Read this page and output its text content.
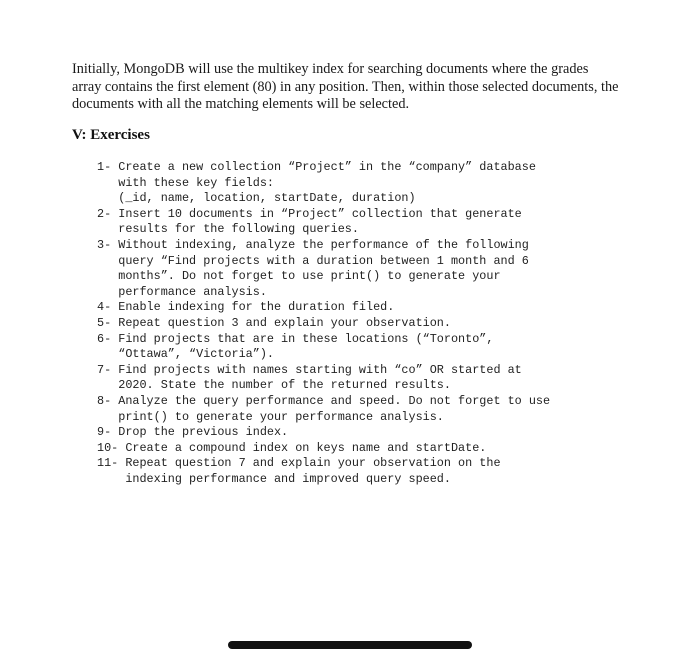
Initially, MongoDB will use the multikey index for searching documents where the grades array contains the first element (80) in any position. Then, within those selected documents, the documents with all the matching elements will be selected.

V: Exercises
1- Create a new collection “Project” in the “company” database
with these key fields:
(_id, name, location, startDate, duration)
2- Insert 10 documents in “Project” collection that generate
results for the following queries.
3- Without indexing, analyze the performance of the following
query “Find projects with a duration between 1 month and 6
months”. Do not forget to use print() to generate your
performance analysis.
4- Enable indexing for the duration filed.
5- Repeat question 3 and explain your observation.
6- Find projects that are in these locations (“Toronto”,
“Ottawa”, “Victoria”).
7- Find projects with names starting with “co” OR started at
2020. State the number of the returned results.
8- Analyze the query performance and speed. Do not forget to use
print() to generate your performance analysis.
9- Drop the previous index.
10- Create a compound index on keys name and startDate.
11- Repeat question 7 and explain your observation on the
indexing performance and improved query speed.
